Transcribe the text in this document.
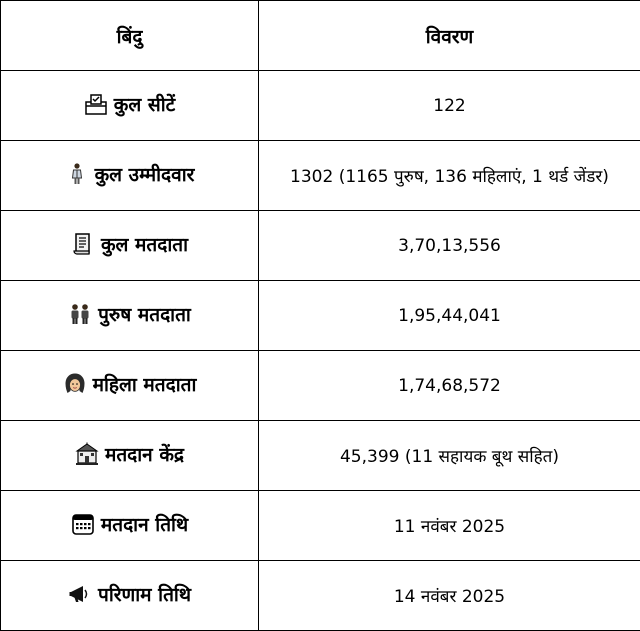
बिंदु	विवरण

कुल सीटें	122

कुल उम्मीदवार	1302 (1165 पुरुष, 136 महिलाएं, 1 थर्ड जेंडर)

कुल मतदाता	3,70,13,556

पुरुष मतदाता	1,95,44,041

महिला मतदाता	1,74,68,572

मतदान केंद्र	45,399 (11 सहायक बूथ सहित)

मतदान तिथि	11 नवंबर 2025

परिणाम तिथि	14 नवंबर 2025
